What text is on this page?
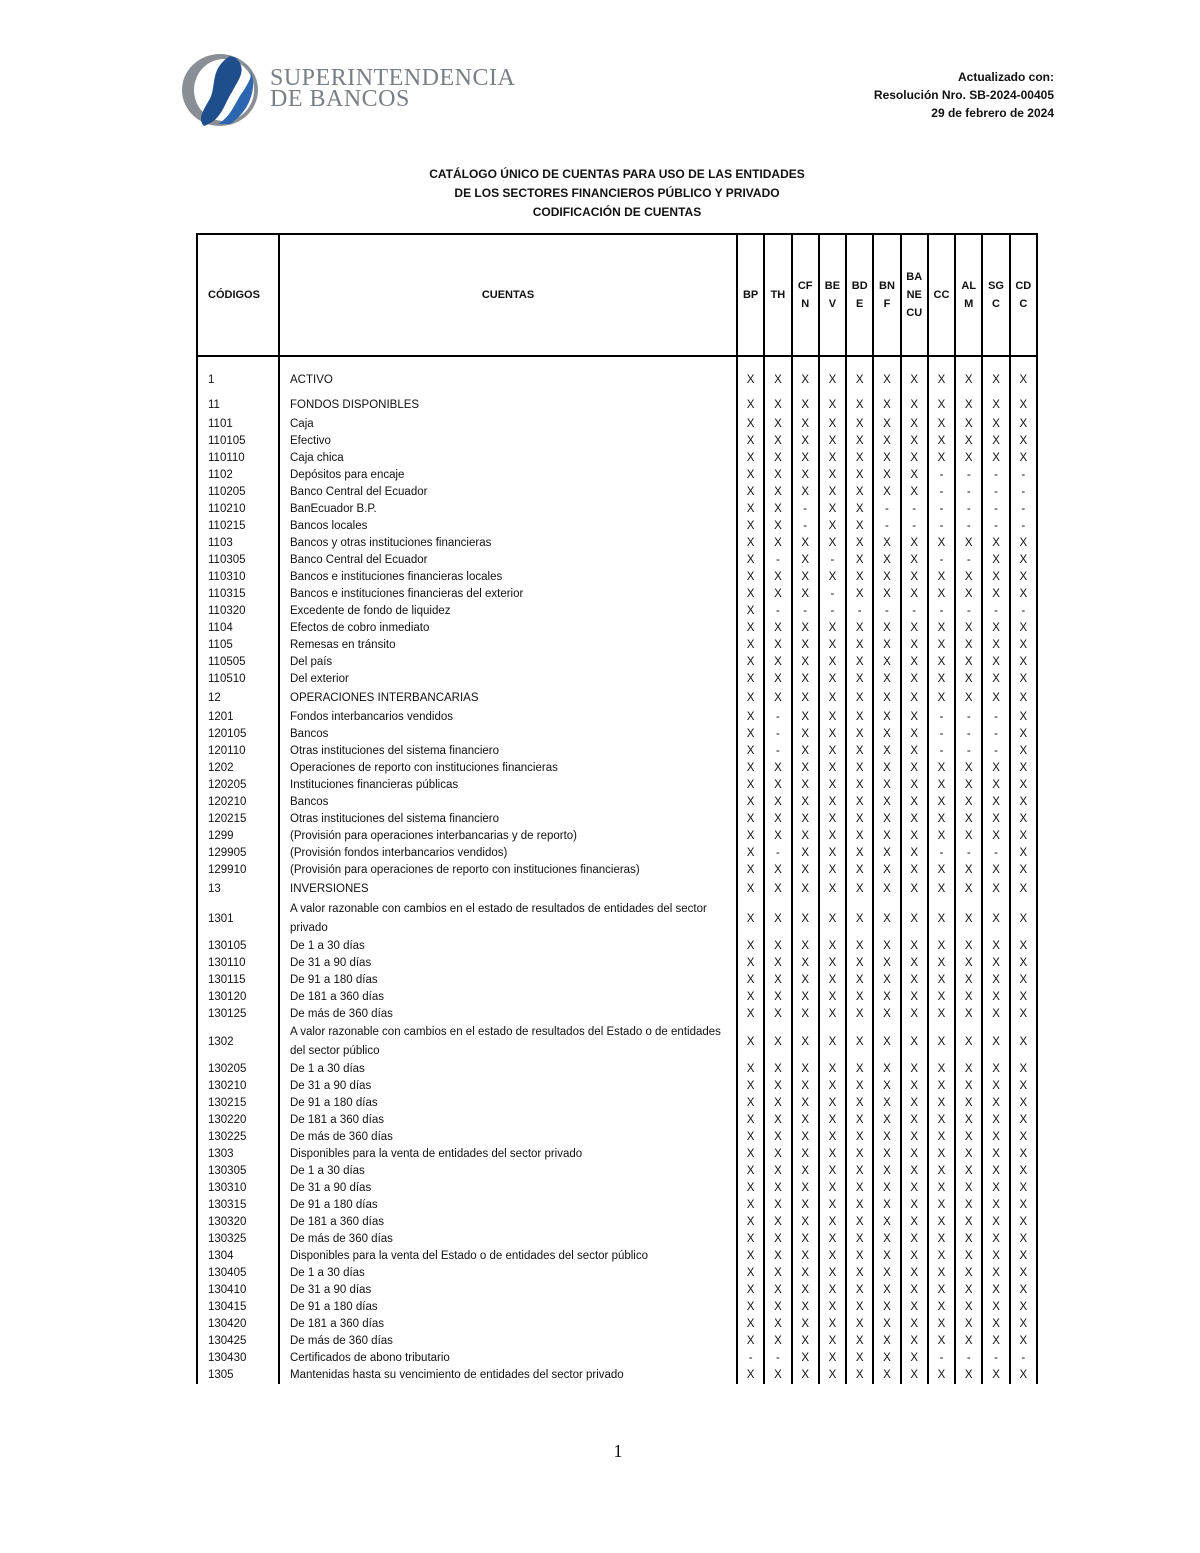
SUPERINTENDENCIA
DE BANCOS
Actualizado con:
Resolución Nro. SB-2024-00405
29 de febrero de 2024
CATÁLOGO ÚNICO DE CUENTAS PARA USO DE LAS ENTIDADES
DE LOS SECTORES FINANCIEROS PÚBLICO Y PRIVADO
CODIFICACIÓN DE CUENTAS
CÓDIGOS	CUENTAS	BP	TH	CFN	BEV	BDE	BNF	BANECU	CC	ALM	SGC	CDC
1	ACTIVO	X	X	X	X	X	X	X	X	X	X	X
11	FONDOS DISPONIBLES	X	X	X	X	X	X	X	X	X	X	X
1101	Caja	X	X	X	X	X	X	X	X	X	X	X
110105	Efectivo	X	X	X	X	X	X	X	X	X	X	X
110110	Caja chica	X	X	X	X	X	X	X	X	X	X	X
1102	Depósitos para encaje	X	X	X	X	X	X	X	-	-	-	-
110205	Banco Central del Ecuador	X	X	X	X	X	X	X	-	-	-	-
110210	BanEcuador B.P.	X	X	-	X	X	-	-	-	-	-	-
110215	Bancos locales	X	X	-	X	X	-	-	-	-	-	-
1103	Bancos y otras instituciones financieras	X	X	X	X	X	X	X	X	X	X	X
110305	Banco Central del Ecuador	X	-	X	-	X	X	X	-	-	X	X
110310	Bancos e instituciones financieras locales	X	X	X	X	X	X	X	X	X	X	X
110315	Bancos e instituciones financieras del exterior	X	X	X	-	X	X	X	X	X	X	X
110320	Excedente de fondo de liquidez	X	-	-	-	-	-	-	-	-	-	-
1104	Efectos de cobro inmediato	X	X	X	X	X	X	X	X	X	X	X
1105	Remesas en tránsito	X	X	X	X	X	X	X	X	X	X	X
110505	Del país	X	X	X	X	X	X	X	X	X	X	X
110510	Del exterior	X	X	X	X	X	X	X	X	X	X	X
12	OPERACIONES INTERBANCARIAS	X	X	X	X	X	X	X	X	X	X	X
1201	Fondos interbancarios vendidos	X	-	X	X	X	X	X	-	-	-	X
120105	Bancos	X	-	X	X	X	X	X	-	-	-	X
120110	Otras instituciones del sistema financiero	X	-	X	X	X	X	X	-	-	-	X
1202	Operaciones de reporto con instituciones financieras	X	X	X	X	X	X	X	X	X	X	X
120205	Instituciones financieras públicas	X	X	X	X	X	X	X	X	X	X	X
120210	Bancos	X	X	X	X	X	X	X	X	X	X	X
120215	Otras instituciones del sistema financiero	X	X	X	X	X	X	X	X	X	X	X
1299	(Provisión para operaciones interbancarias y de reporto)	X	X	X	X	X	X	X	X	X	X	X
129905	(Provisión fondos interbancarios vendidos)	X	-	X	X	X	X	X	-	-	-	X
129910	(Provisión para operaciones de reporto con instituciones financieras)	X	X	X	X	X	X	X	X	X	X	X
13	INVERSIONES	X	X	X	X	X	X	X	X	X	X	X
1301	A valor razonable con cambios en el estado de resultados de entidades del sector privado	X	X	X	X	X	X	X	X	X	X	X
130105	De 1 a 30 días	X	X	X	X	X	X	X	X	X	X	X
130110	De 31 a 90 días	X	X	X	X	X	X	X	X	X	X	X
130115	De 91 a 180 días	X	X	X	X	X	X	X	X	X	X	X
130120	De 181 a 360 días	X	X	X	X	X	X	X	X	X	X	X
130125	De más de 360 días	X	X	X	X	X	X	X	X	X	X	X
1302	A valor razonable con cambios en el estado de resultados del Estado o de entidades del sector público	X	X	X	X	X	X	X	X	X	X	X
130205	De 1 a 30 días	X	X	X	X	X	X	X	X	X	X	X
130210	De 31 a 90 días	X	X	X	X	X	X	X	X	X	X	X
130215	De 91 a 180 días	X	X	X	X	X	X	X	X	X	X	X
130220	De 181 a 360 días	X	X	X	X	X	X	X	X	X	X	X
130225	De más de 360 días	X	X	X	X	X	X	X	X	X	X	X
1303	Disponibles para la venta de entidades del sector privado	X	X	X	X	X	X	X	X	X	X	X
130305	De 1 a 30 días	X	X	X	X	X	X	X	X	X	X	X
130310	De 31 a 90 días	X	X	X	X	X	X	X	X	X	X	X
130315	De 91 a 180 días	X	X	X	X	X	X	X	X	X	X	X
130320	De 181 a 360 días	X	X	X	X	X	X	X	X	X	X	X
130325	De más de 360 días	X	X	X	X	X	X	X	X	X	X	X
1304	Disponibles para la venta del Estado o de entidades del sector público	X	X	X	X	X	X	X	X	X	X	X
130405	De 1 a 30 días	X	X	X	X	X	X	X	X	X	X	X
130410	De 31 a 90 días	X	X	X	X	X	X	X	X	X	X	X
130415	De 91 a 180 días	X	X	X	X	X	X	X	X	X	X	X
130420	De 181 a 360 días	X	X	X	X	X	X	X	X	X	X	X
130425	De más de 360 días	X	X	X	X	X	X	X	X	X	X	X
130430	Certificados de abono tributario	-	-	X	X	X	X	X	-	-	-	-
1305	Mantenidas hasta su vencimiento de entidades del sector privado	X	X	X	X	X	X	X	X	X	X	X
1
